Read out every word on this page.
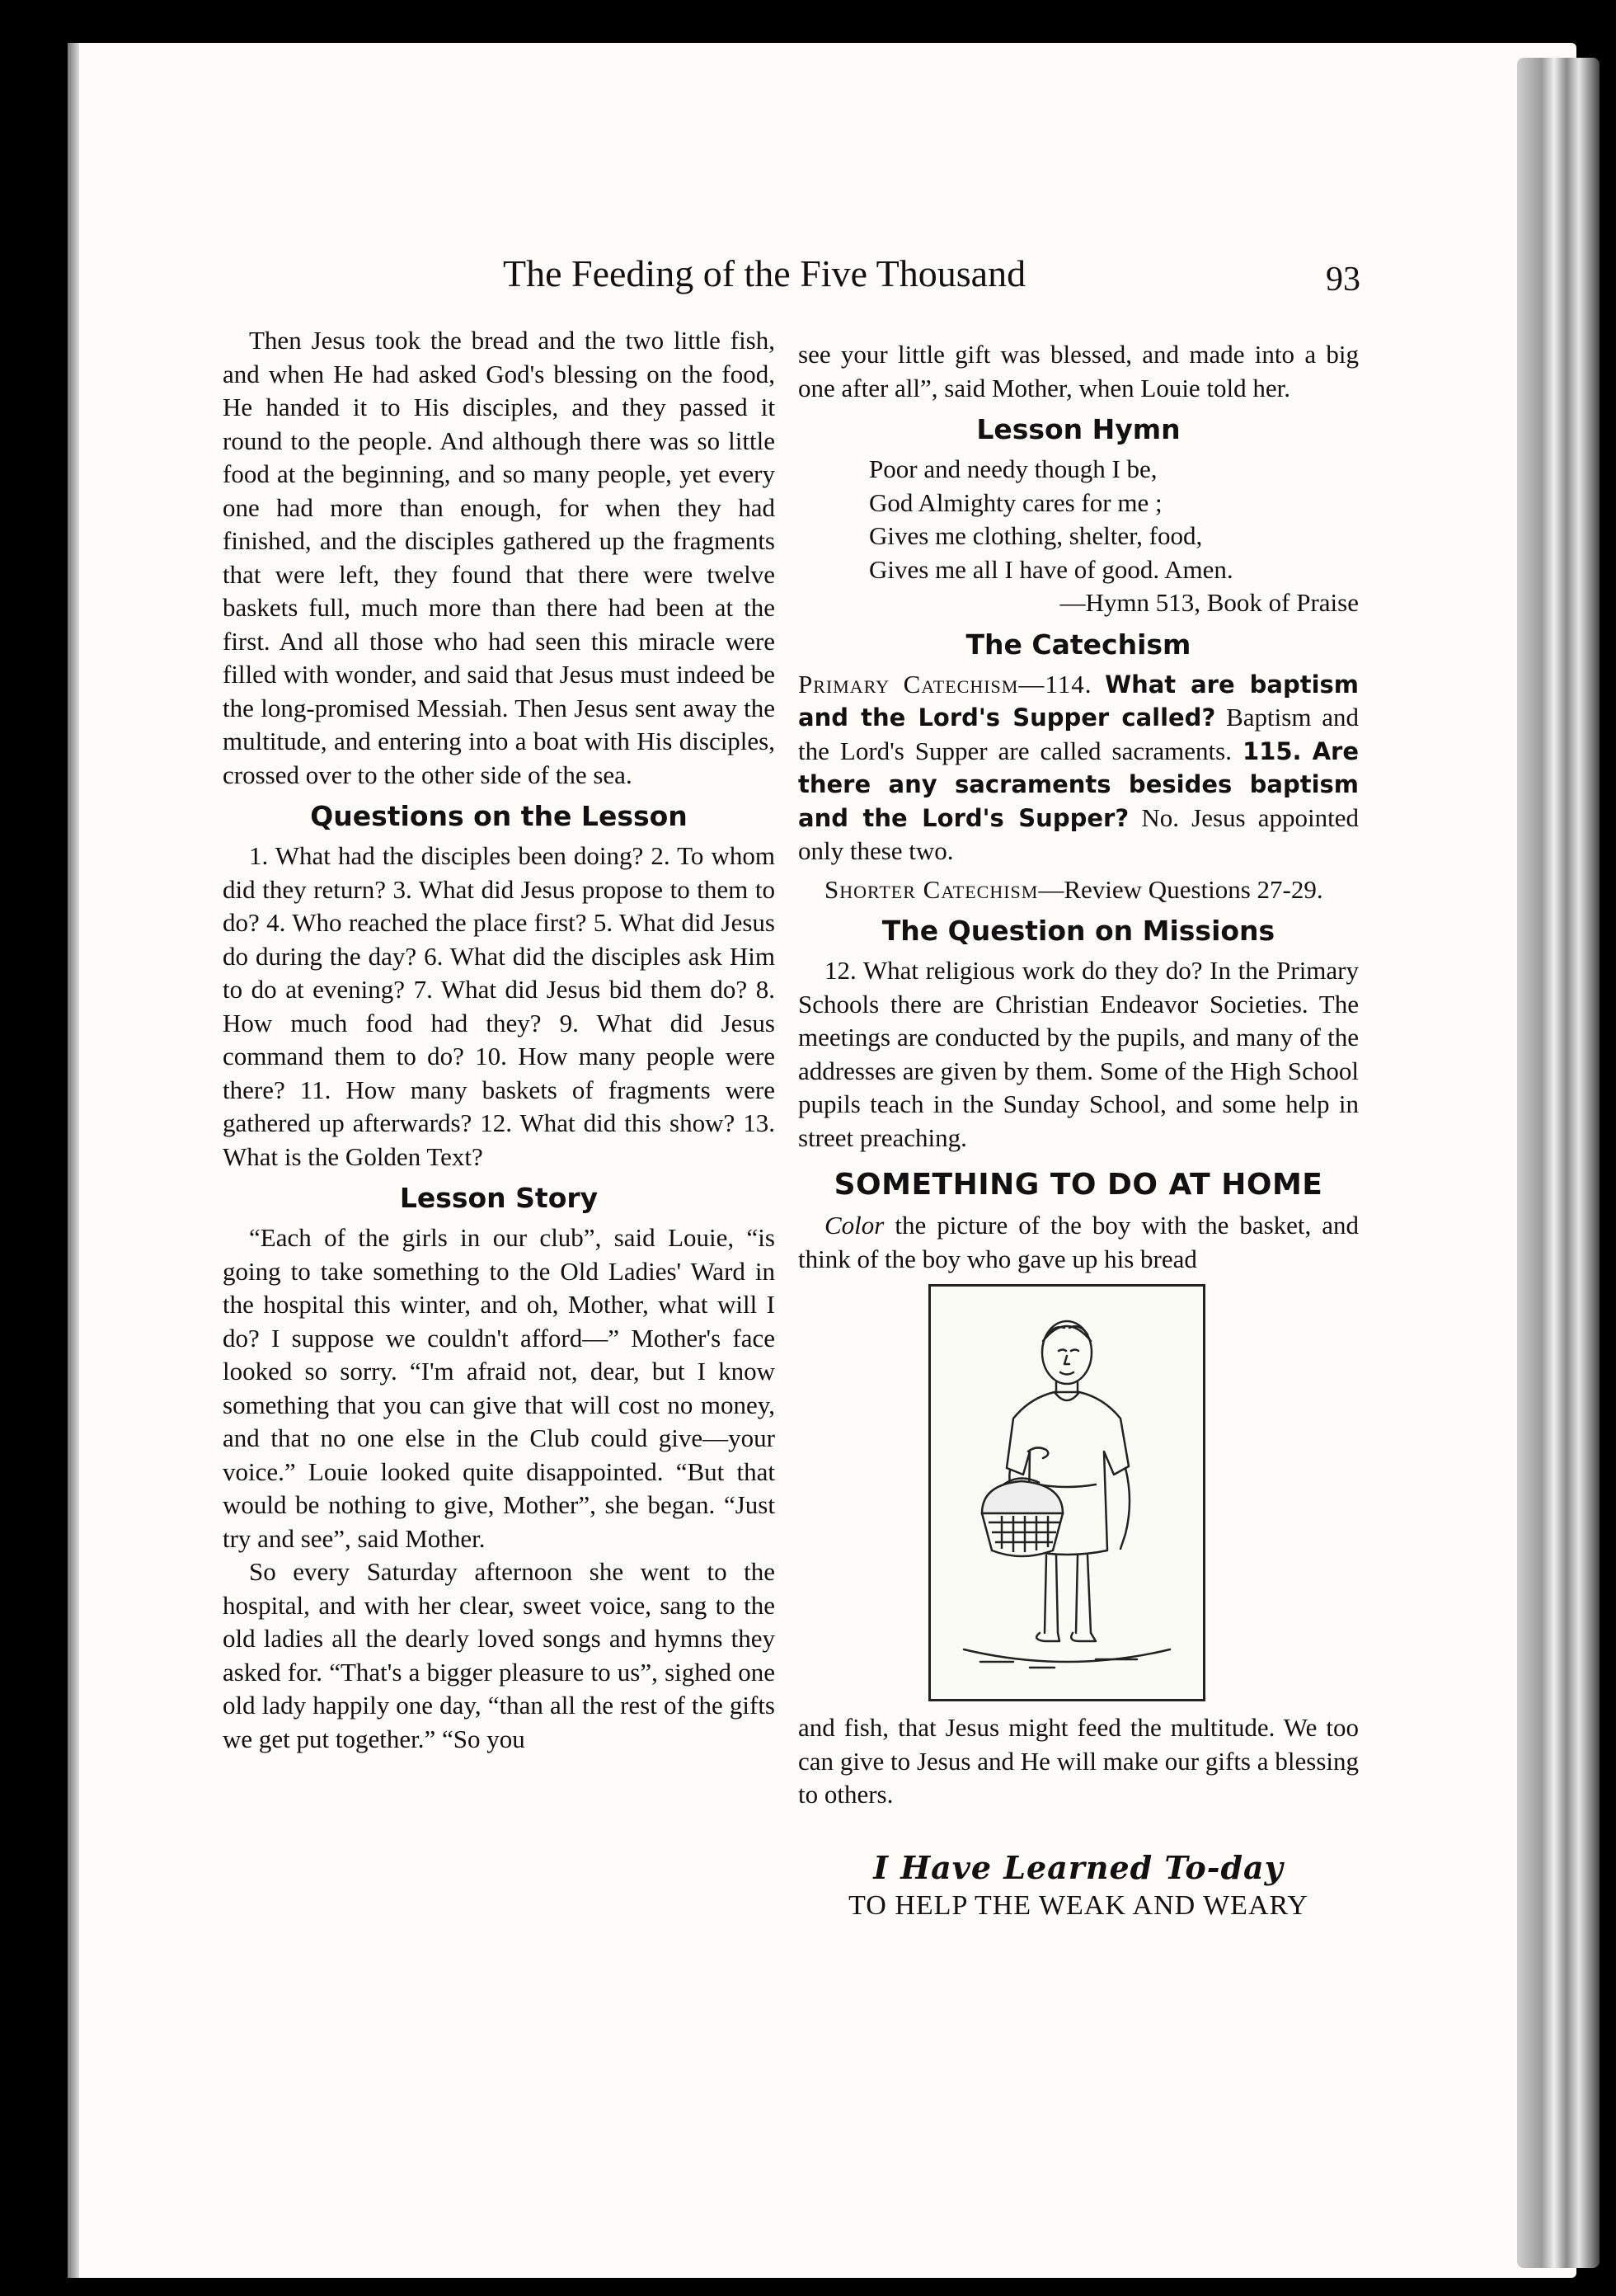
The Feeding of the Five Thousand	93

Then Jesus took the bread and the two little fish, and when He had asked God's blessing on the food, He handed it to His disciples, and they passed it round to the people. And although there was so little food at the beginning, and so many people, yet every one had more than enough, for when they had finished, and the disciples gathered up the fragments that were left, they found that there were twelve baskets full, much more than there had been at the first. And all those who had seen this miracle were filled with wonder, and said that Jesus must indeed be the long-promised Messiah. Then Jesus sent away the multitude, and entering into a boat with His disciples, crossed over to the other side of the sea.

Questions on the Lesson

1. What had the disciples been doing? 2. To whom did they return? 3. What did Jesus propose to them to do? 4. Who reached the place first? 5. What did Jesus do during the day? 6. What did the disciples ask Him to do at evening? 7. What did Jesus bid them do? 8. How much food had they? 9. What did Jesus command them to do? 10. How many people were there? 11. How many baskets of fragments were gathered up afterwards? 12. What did this show? 13. What is the Golden Text?

Lesson Story

“Each of the girls in our club”, said Louie, “is going to take something to the Old Ladies' Ward in the hospital this winter, and oh, Mother, what will I do? I suppose we couldn't afford—” Mother's face looked so sorry. “I'm afraid not, dear, but I know something that you can give that will cost no money, and that no one else in the Club could give—your voice.” Louie looked quite disappointed. “But that would be nothing to give, Mother”, she began. “Just try and see”, said Mother.

So every Saturday afternoon she went to the hospital, and with her clear, sweet voice, sang to the old ladies all the dearly loved songs and hymns they asked for. “That's a bigger pleasure to us”, sighed one old lady happily one day, “than all the rest of the gifts we get put together.” “So you

see your little gift was blessed, and made into a big one after all”, said Mother, when Louie told her.

Lesson Hymn
Poor and needy though I be,
God Almighty cares for me ;
Gives me clothing, shelter, food,
Gives me all I have of good. Amen.
—Hymn 513, Book of Praise
The Catechism

Primary Catechism—114. What are baptism and the Lord's Supper called? Baptism and the Lord's Supper are called sacraments. 115. Are there any sacraments besides baptism and the Lord's Supper? No. Jesus appointed only these two.

Shorter Catechism—Review Questions 27-29.

The Question on Missions

12. What religious work do they do? In the Primary Schools there are Christian Endeavor Societies. The meetings are conducted by the pupils, and many of the addresses are given by them. Some of the High School pupils teach in the Sunday School, and some help in street preaching.

SOMETHING TO DO AT HOME

Color the picture of the boy with the basket, and think of the boy who gave up his bread

and fish, that Jesus might feed the multitude. We too can give to Jesus and He will make our gifts a blessing to others.

I Have Learned To-day
TO HELP THE WEAK AND WEARY
